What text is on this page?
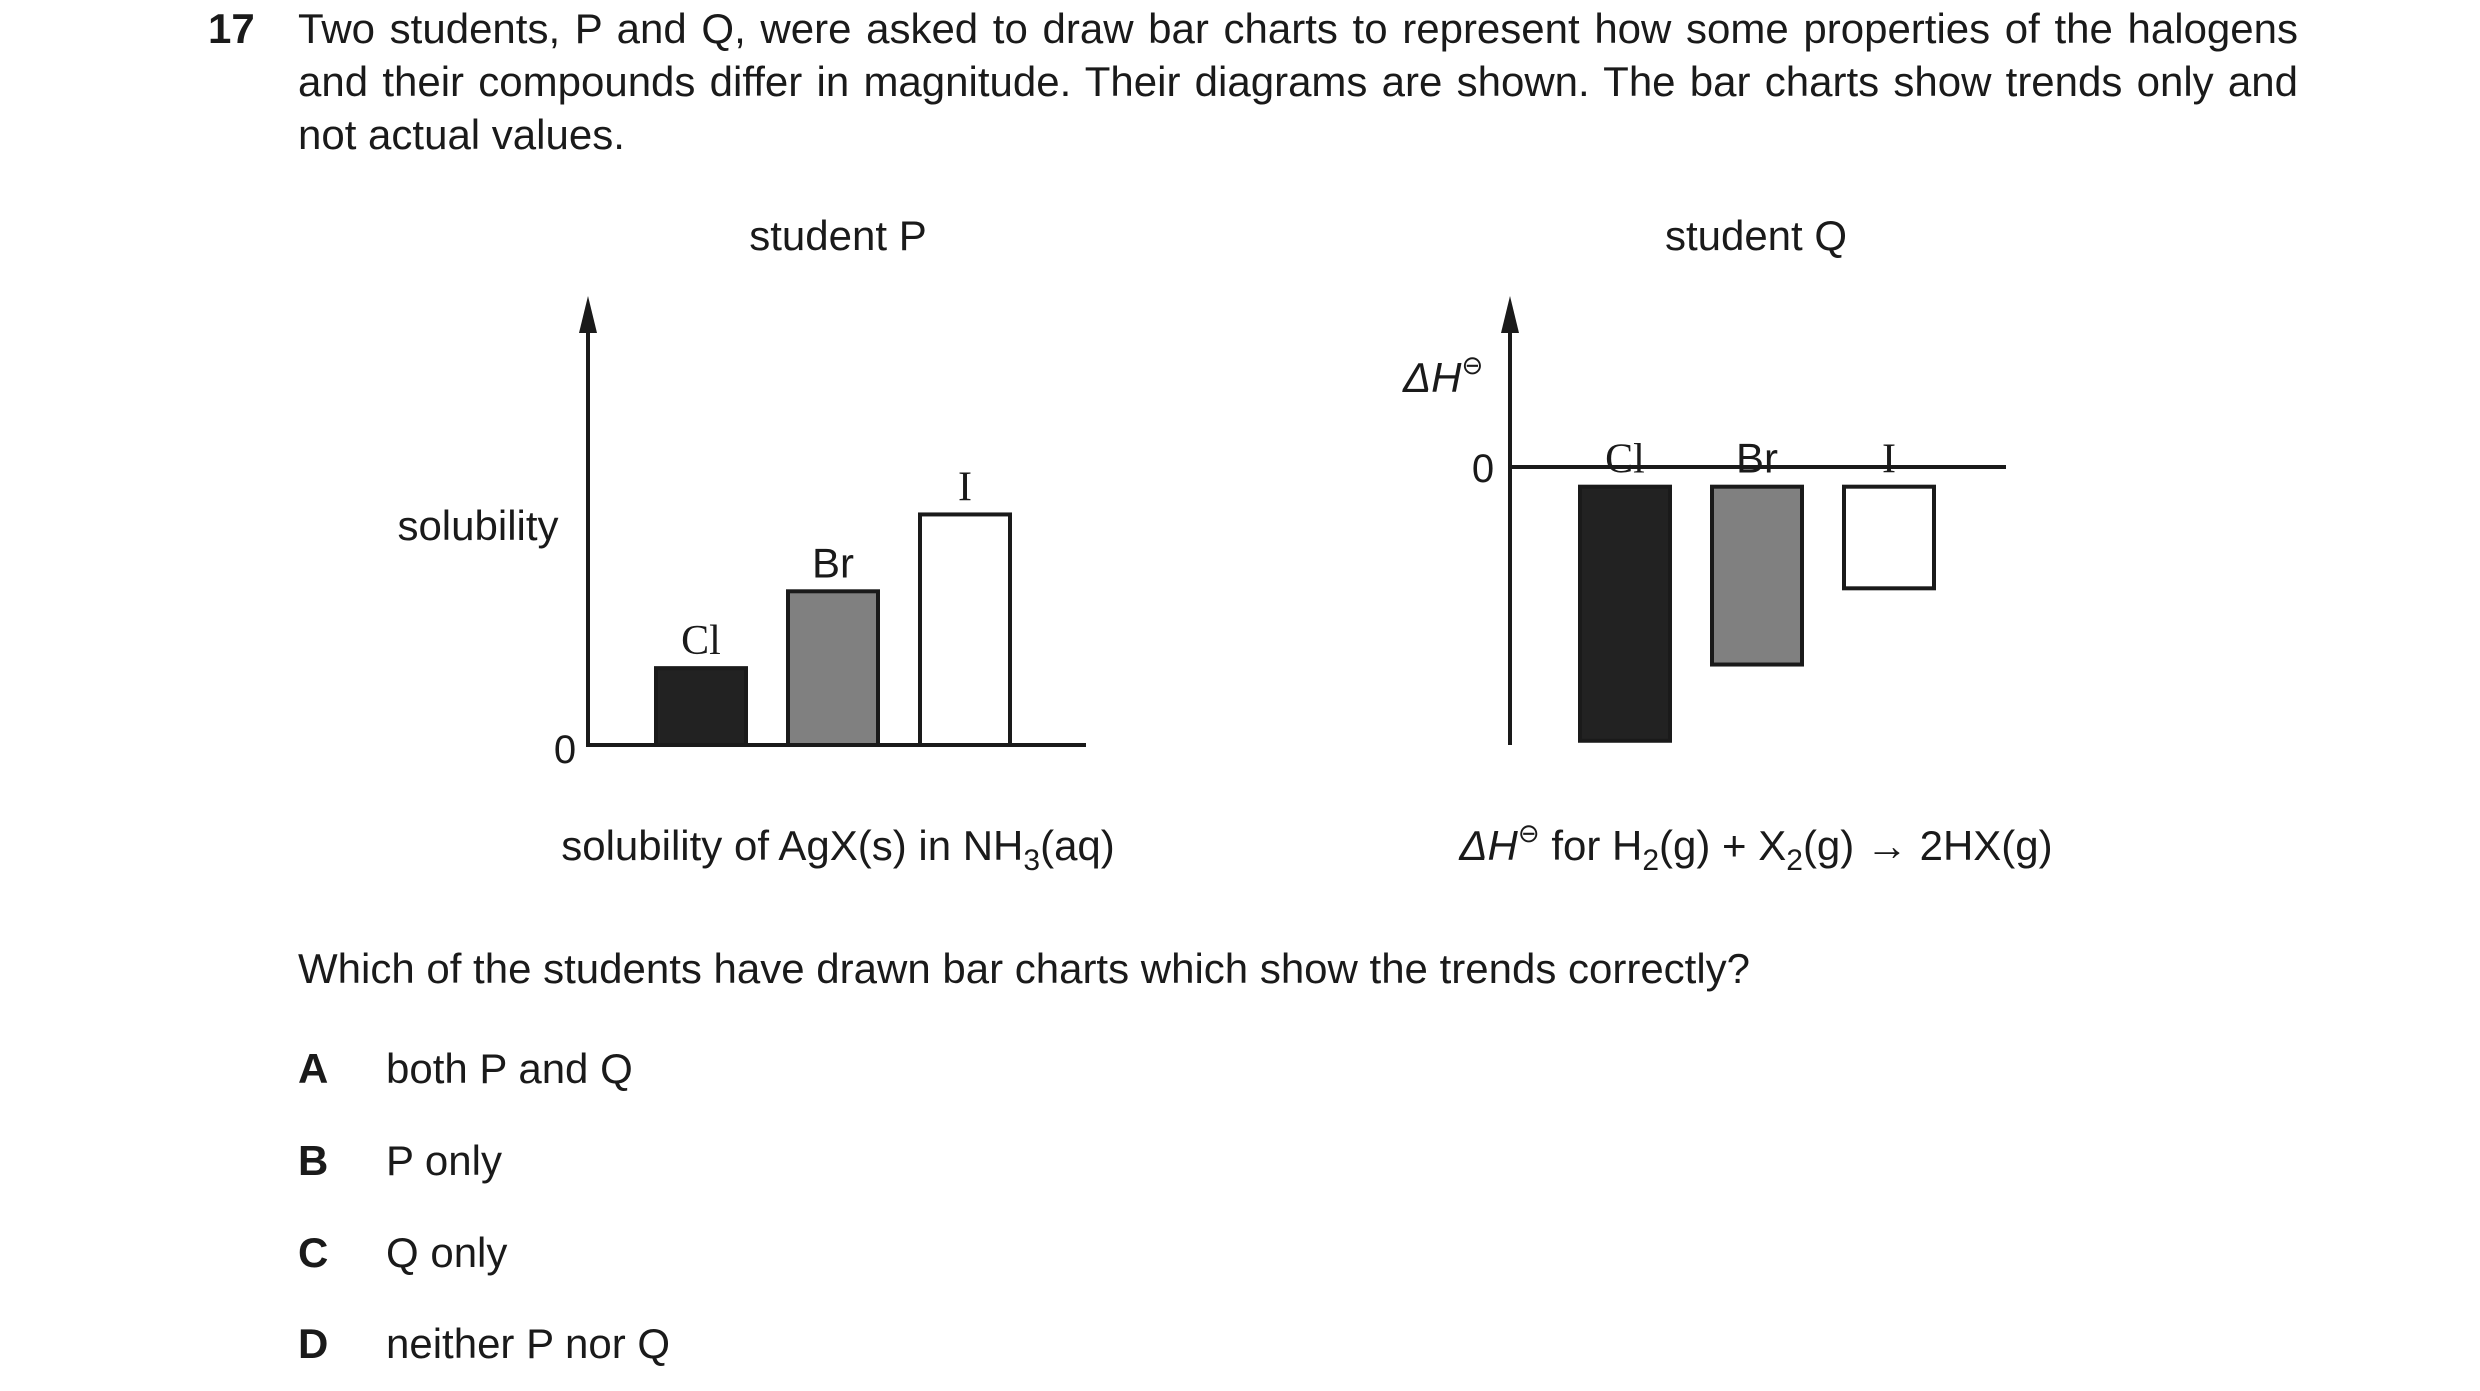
17 Two students, P and Q, were asked to draw bar charts to represent how some properties of the halogens and their compounds differ in magnitude. Their diagrams are shown. The bar charts show trends only and not actual values.
student P
solubility
0
Cl
Br
I
solubility of AgX(s) in $NH_3(aq)$
student Q
ΔH⊖
0	Cl Br I
ΔH⊖ for $H_2(g) + X_2(g) \to 2HX(g)$
Which of the students have drawn bar charts which show the trends correctly?
A both P and Q
B P only
C Q only
D neither P nor Q
